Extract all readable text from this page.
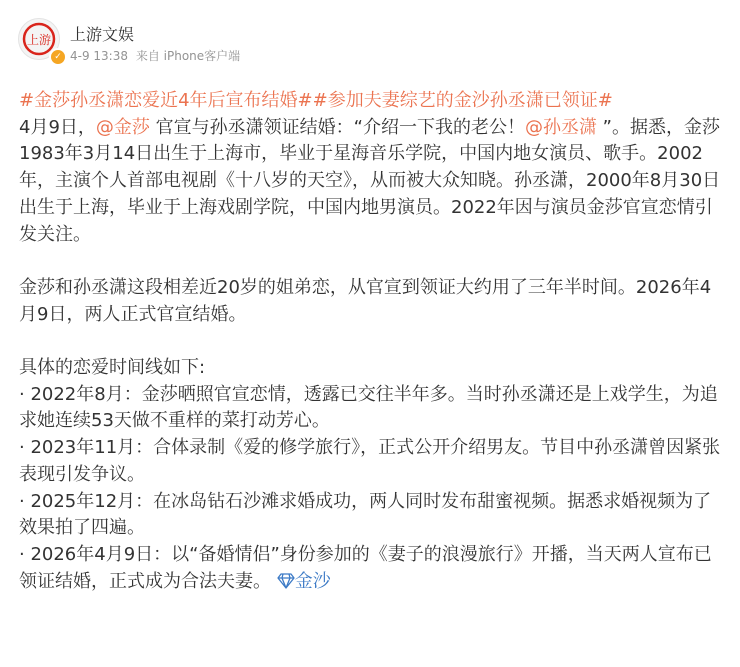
上游
✓
上游文娱
4-9 13:38 来自 iPhone客户端

#金莎孙丞潇恋爱近4年后宣布结婚##参加夫妻综艺的金沙孙丞潇已领证#
4月9日，@金莎 官宣与孙丞潇领证结婚：“介绍一下我的老公！@孙丞潇 ”。据悉，金莎1983年3月14日出生于上海市，毕业于星海音乐学院，中国内地女演员、歌手。2002年，主演个人首部电视剧《十八岁的天空》，从而被大众知晓。孙丞潇，2000年8月30日出生于上海，毕业于上海戏剧学院，中国内地男演员。2022年因与演员金莎官宣恋情引发关注。

金莎和孙丞潇这段相差近20岁的姐弟恋，从官宣到领证大约用了三年半时间。2026年4月9日，两人正式官宣结婚。

具体的恋爱时间线如下:

· 2022年8月：金莎晒照官宣恋情，透露已交往半年多。当时孙丞潇还是上戏学生，为追求她连续53天做不重样的菜打动芳心。

· 2023年11月：合体录制《爱的修学旅行》，正式公开介绍男友。节目中孙丞潇曾因紧张表现引发争议。

· 2025年12月：在冰岛钻石沙滩求婚成功，两人同时发布甜蜜视频。据悉求婚视频为了效果拍了四遍。

· 2026年4月9日：以“备婚情侣”身份参加的《妻子的浪漫旅行》开播，当天两人宣布已领证结婚，正式成为合法夫妻。 金沙
